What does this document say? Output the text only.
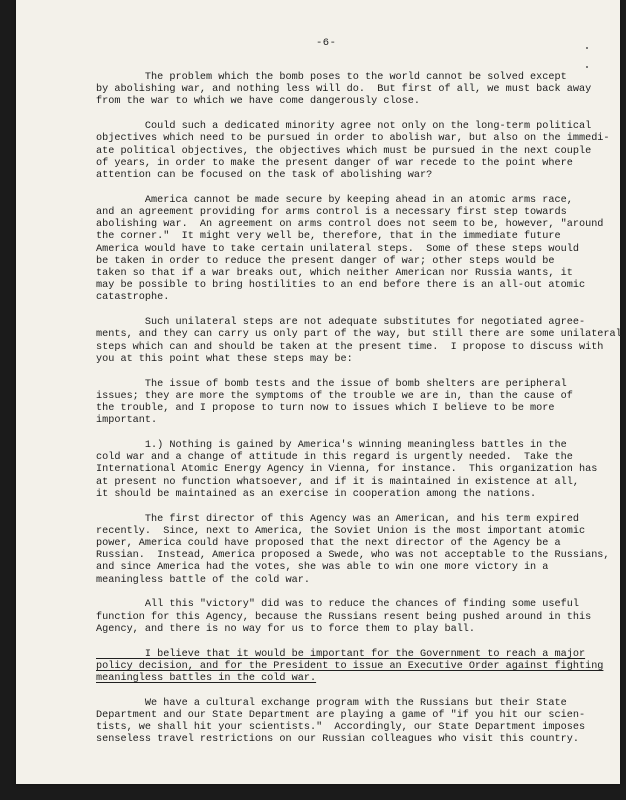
-6-

The problem which the bomb poses to the world cannot be solved except
by abolishing war, and nothing less will do.  But first of all, we must back away
from the war to which we have come dangerously close.

Could such a dedicated minority agree not only on the long-term political
objectives which need to be pursued in order to abolish war, but also on the immedi-
ate political objectives, the objectives which must be pursued in the next couple
of years, in order to make the present danger of war recede to the point where
attention can be focused on the task of abolishing war?

America cannot be made secure by keeping ahead in an atomic arms race,
and an agreement providing for arms control is a necessary first step towards
abolishing war.  An agreement on arms control does not seem to be, however, "around
the corner."  It might very well be, therefore, that in the immediate future
America would have to take certain unilateral steps.  Some of these steps would
be taken in order to reduce the present danger of war; other steps would be
taken so that if a war breaks out, which neither American nor Russia wants, it
may be possible to bring hostilities to an end before there is an all-out atomic
catastrophe.

Such unilateral steps are not adequate substitutes for negotiated agree-
ments, and they can carry us only part of the way, but still there are some unilateral
steps which can and should be taken at the present time.  I propose to discuss with
you at this point what these steps may be:

The issue of bomb tests and the issue of bomb shelters are peripheral
issues; they are more the symptoms of the trouble we are in, than the cause of
the trouble, and I propose to turn now to issues which I believe to be more
important.

1.) Nothing is gained by America's winning meaningless battles in the
cold war and a change of attitude in this regard is urgently needed.  Take the
International Atomic Energy Agency in Vienna, for instance.  This organization has
at present no function whatsoever, and if it is maintained in existence at all,
it should be maintained as an exercise in cooperation among the nations.

The first director of this Agency was an American, and his term expired
recently.  Since, next to America, the Soviet Union is the most important atomic
power, America could have proposed that the next director of the Agency be a
Russian.  Instead, America proposed a Swede, who was not acceptable to the Russians,
and since America had the votes, she was able to win one more victory in a
meaningless battle of the cold war.

All this "victory" did was to reduce the chances of finding some useful
function for this Agency, because the Russians resent being pushed around in this
Agency, and there is no way for us to force them to play ball.

I believe that it would be important for the Government to reach a major
policy decision, and for the President to issue an Executive Order against fighting
meaningless battles in the cold war.

We have a cultural exchange program with the Russians but their State
Department and our State Department are playing a game of "if you hit our scien-
tists, we shall hit your scientists."  Accordingly, our State Department imposes
senseless travel restrictions on our Russian colleagues who visit this country.
